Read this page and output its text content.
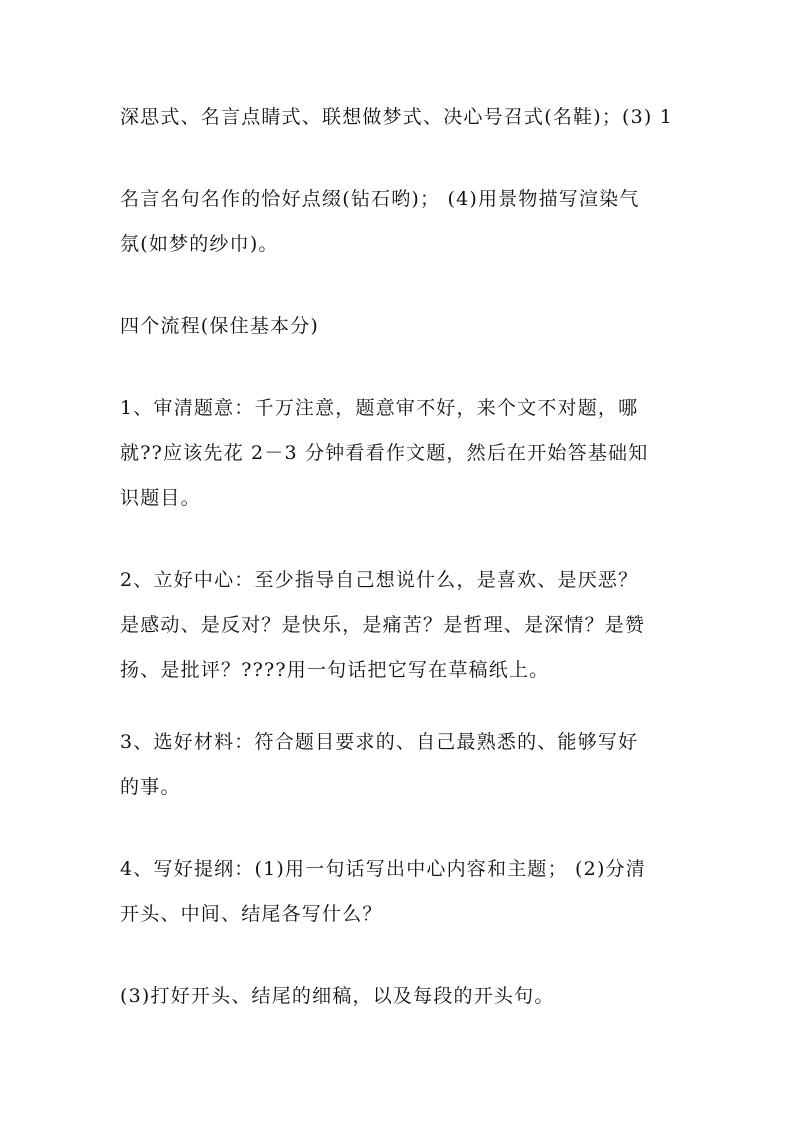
深思式、名言点睛式、联想做梦式、决心号召式(名鞋)；(3) 1
名言名句名作的恰好点缀(钻石哟)； (4)用景物描写渲染气
氛(如梦的纱巾)。
四个流程(保住基本分)
1、审清题意：千万注意，题意审不好，来个文不对题，哪
就??应该先花 2－3 分钟看看作文题，然后在开始答基础知
识题目。
2、立好中心：至少指导自己想说什么，是喜欢、是厌恶？
是感动、是反对？是快乐，是痛苦？是哲理、是深情？是赞
扬、是批评？????用一句话把它写在草稿纸上。
3、选好材料：符合题目要求的、自己最熟悉的、能够写好
的事。
4、写好提纲：(1)用一句话写出中心内容和主题； (2)分清
开头、中间、结尾各写什么？
(3)打好开头、结尾的细稿，以及每段的开头句。
